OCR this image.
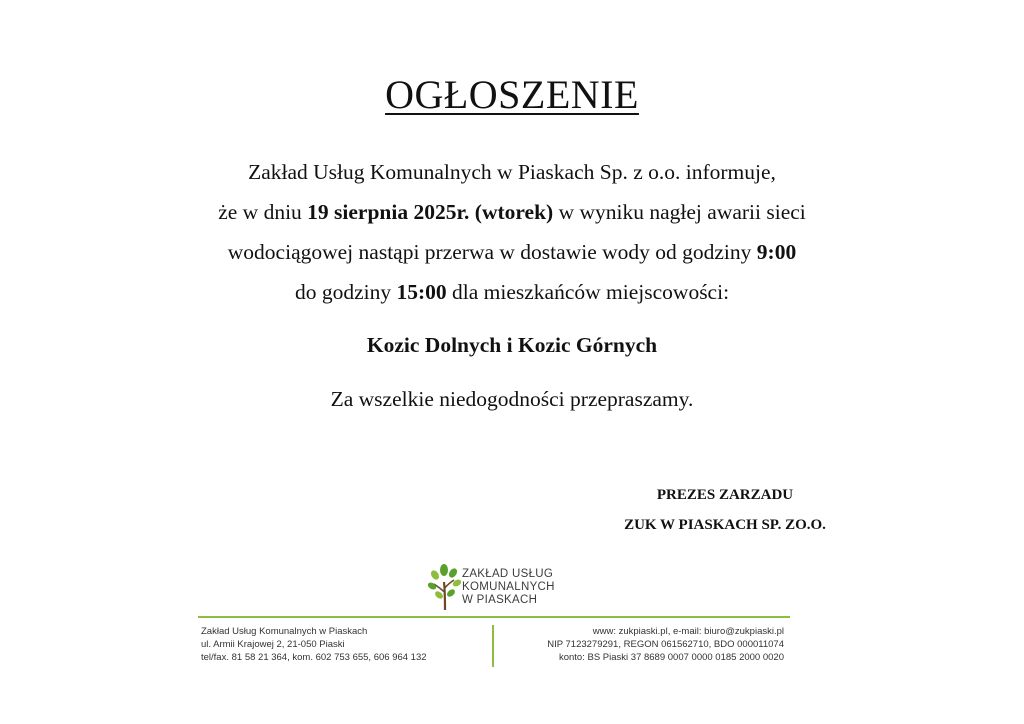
OGŁOSZENIE
Zakład Usług Komunalnych w Piaskach Sp. z o.o. informuje,
że w dniu 19 sierpnia 2025r. (wtorek) w wyniku nagłej awarii sieci
wodociągowej nastąpi przerwa w dostawie wody od godziny 9:00
do godziny 15:00 dla mieszkańców miejscowości:
Kozic Dolnych i Kozic Górnych
Za wszelkie niedogodności przepraszamy.
PREZES ZARZADU
ZUK W PIASKACH SP. ZO.O.
ZAKŁAD USŁUG
KOMUNALNYCH
W PIASKACH
Zakład Usług Komunalnych w Piaskach
ul. Armii Krajowej 2, 21-050 Piaski
tel/fax. 81 58 21 364, kom. 602 753 655, 606 964 132
www: zukpiaski.pl, e-mail: biuro@zukpiaski.pl
NIP 7123279291, REGON 061562710, BDO 000011074
konto: BS Piaski 37 8689 0007 0000 0185 2000 0020
